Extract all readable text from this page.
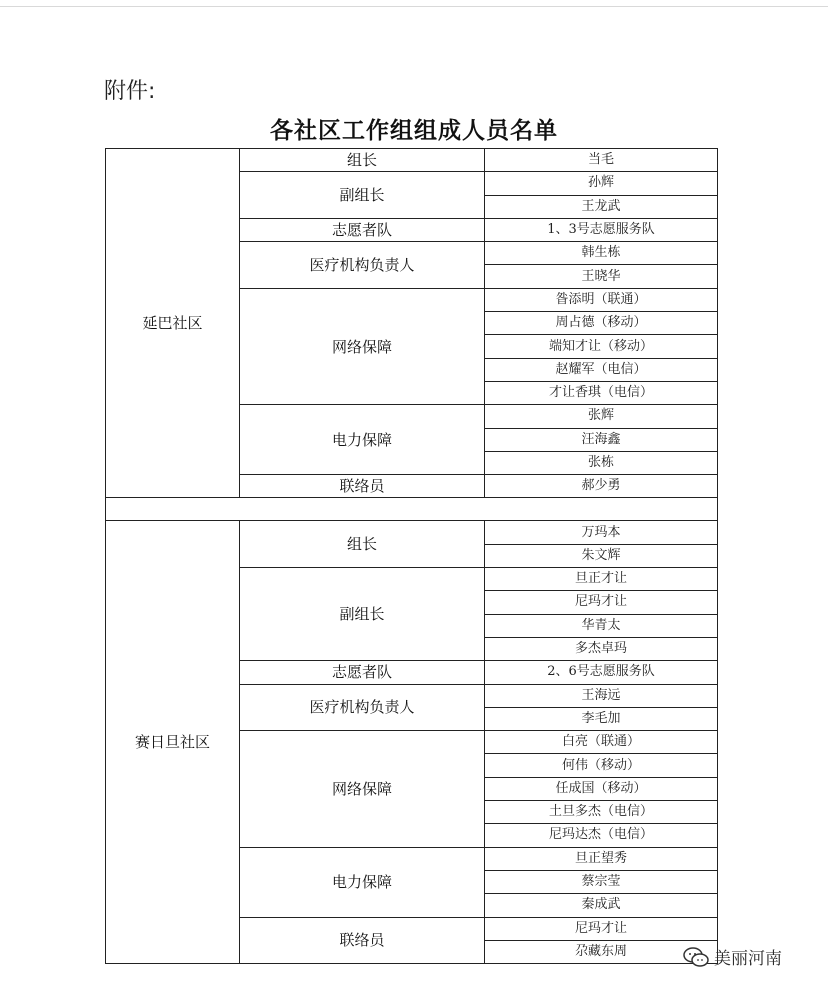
附件:
各社区工作组组成人员名单
延巴社区	组长	当毛
	副组长	孙辉
		王龙武
	志愿者队	1、3号志愿服务队
	医疗机构负责人	韩生栋
		王晓华
	网络保障	昝添明（联通）
		周占德（移动）
		端知才让（移动）
		赵耀军（电信）
		才让香琪（电信）
	电力保障	张辉
		汪海鑫
		张栋
	联络员	郝少勇

赛日旦社区	组长	万玛本
		朱文辉
	副组长	旦正才让
		尼玛才让
		华青太
		多杰卓玛
	志愿者队	2、6号志愿服务队
	医疗机构负责人	王海远
		李毛加
	网络保障	白亮（联通）
		何伟（移动）
		任成国（移动）
		土旦多杰（电信）
		尼玛达杰（电信）
	电力保障	旦正望秀
		蔡宗莹
		秦成武
	联络员	尼玛才让
		尕藏东周	美丽河南
